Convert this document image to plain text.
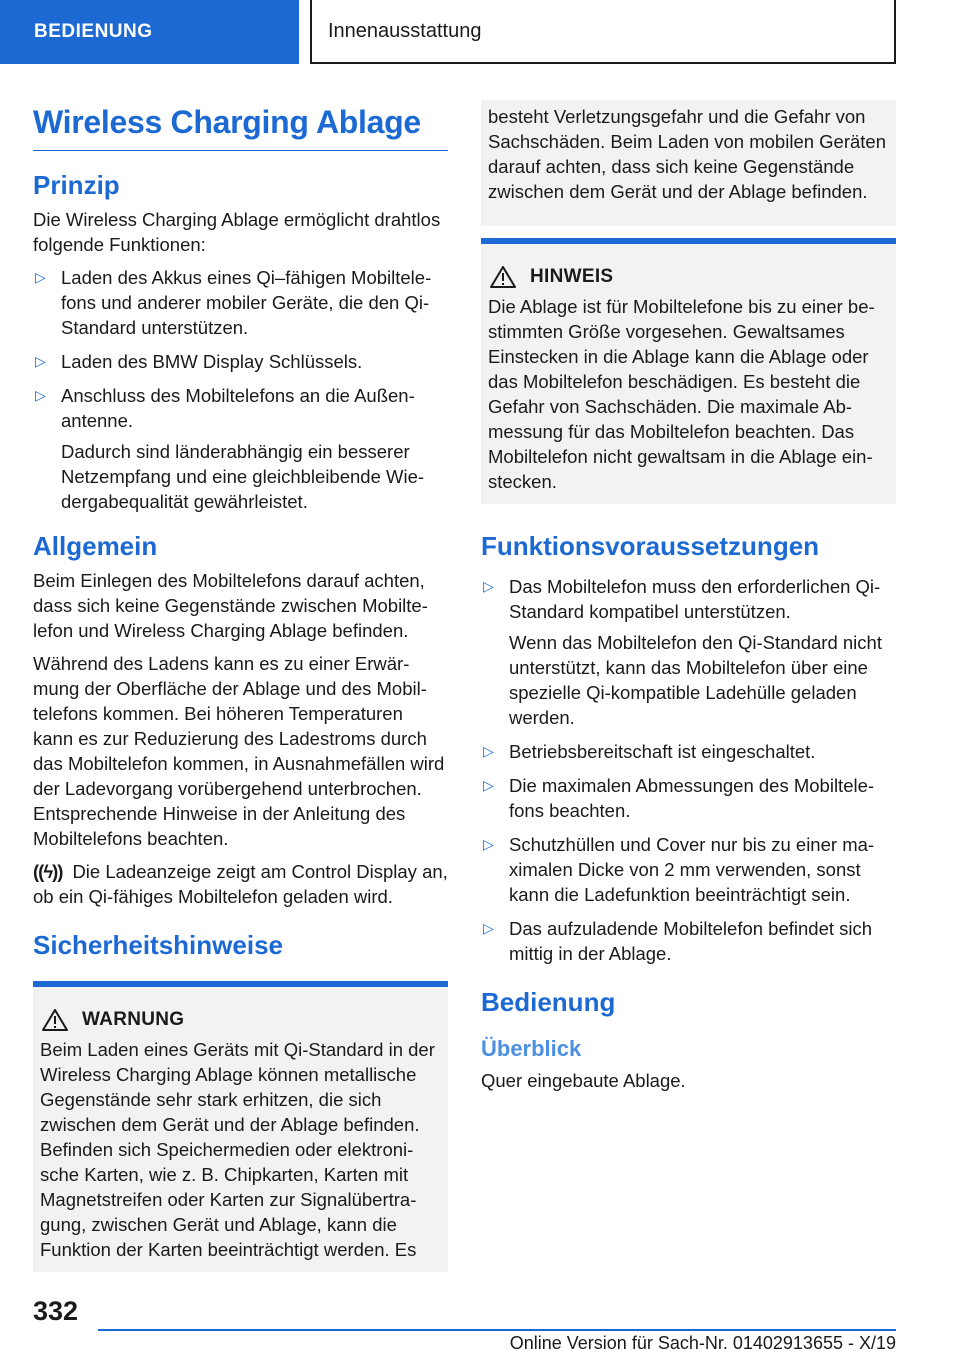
BEDIENUNG	Innenausstattung
Wireless Charging Ablage
Prinzip

Die Wireless Charging Ablage ermöglicht drahtlos folgende Funktionen:

▷ Laden des Akkus eines Qi–fähigen Mobiltelefons und anderer mobiler Geräte, die den Qi-Standard unterstützen.
▷ Laden des BMW Display Schlüssels.
▷ Anschluss des Mobiltelefons an die Außenantenne.

Dadurch sind länderabhängig ein besserer Netzempfang und eine gleichbleibende Wiedergabequalität gewährleistet.

Allgemein

Beim Einlegen des Mobiltelefons darauf achten, dass sich keine Gegenstände zwischen Mobiltelefon und Wireless Charging Ablage befinden.

Während des Ladens kann es zu einer Erwärmung der Oberfläche der Ablage und des Mobiltelefons kommen. Bei höheren Temperaturen kann es zur Reduzierung des Ladestroms durch das Mobiltelefon kommen, in Ausnahmefällen wird der Ladevorgang vorübergehend unterbrochen. Entsprechende Hinweise in der Anleitung des Mobiltelefons beachten.

((ϟ)) Die Ladeanzeige zeigt am Control Display an, ob ein Qi-fähiges Mobiltelefon geladen wird.

Sicherheitshinweise
WARNUNG

Beim Laden eines Geräts mit Qi-Standard in der Wireless Charging Ablage können metallische Gegenstände sehr stark erhitzen, die sich zwischen dem Gerät und der Ablage befinden. Befinden sich Speichermedien oder elektronische Karten, wie z. B. Chipkarten, Karten mit Magnetstreifen oder Karten zur Signalübertragung, zwischen Gerät und Ablage, kann die Funktion der Karten beeinträchtigt werden. Es

besteht Verletzungsgefahr und die Gefahr von Sachschäden. Beim Laden von mobilen Geräten darauf achten, dass sich keine Gegenstände zwischen dem Gerät und der Ablage befinden.

HINWEIS

Die Ablage ist für Mobiltelefone bis zu einer bestimmten Größe vorgesehen. Gewaltsames Einstecken in die Ablage kann die Ablage oder das Mobiltelefon beschädigen. Es besteht die Gefahr von Sachschäden. Die maximale Abmessung für das Mobiltelefon beachten. Das Mobiltelefon nicht gewaltsam in die Ablage einstecken.

Funktionsvoraussetzungen
▷ Das Mobiltelefon muss den erforderlichen Qi-Standard kompatibel unterstützen.

Wenn das Mobiltelefon den Qi-Standard nicht unterstützt, kann das Mobiltelefon über eine spezielle Qi-kompatible Ladehülle geladen werden.

▷ Betriebsbereitschaft ist eingeschaltet.
▷ Die maximalen Abmessungen des Mobiltelefons beachten.
▷ Schutzhüllen und Cover nur bis zu einer maximalen Dicke von 2 mm verwenden, sonst kann die Ladefunktion beeinträchtigt sein.
▷ Das aufzuladende Mobiltelefon befindet sich mittig in der Ablage.
Bedienung
Überblick

Quer eingebaute Ablage.

332
Online Version für Sach-Nr. 01402913655 - X/19
